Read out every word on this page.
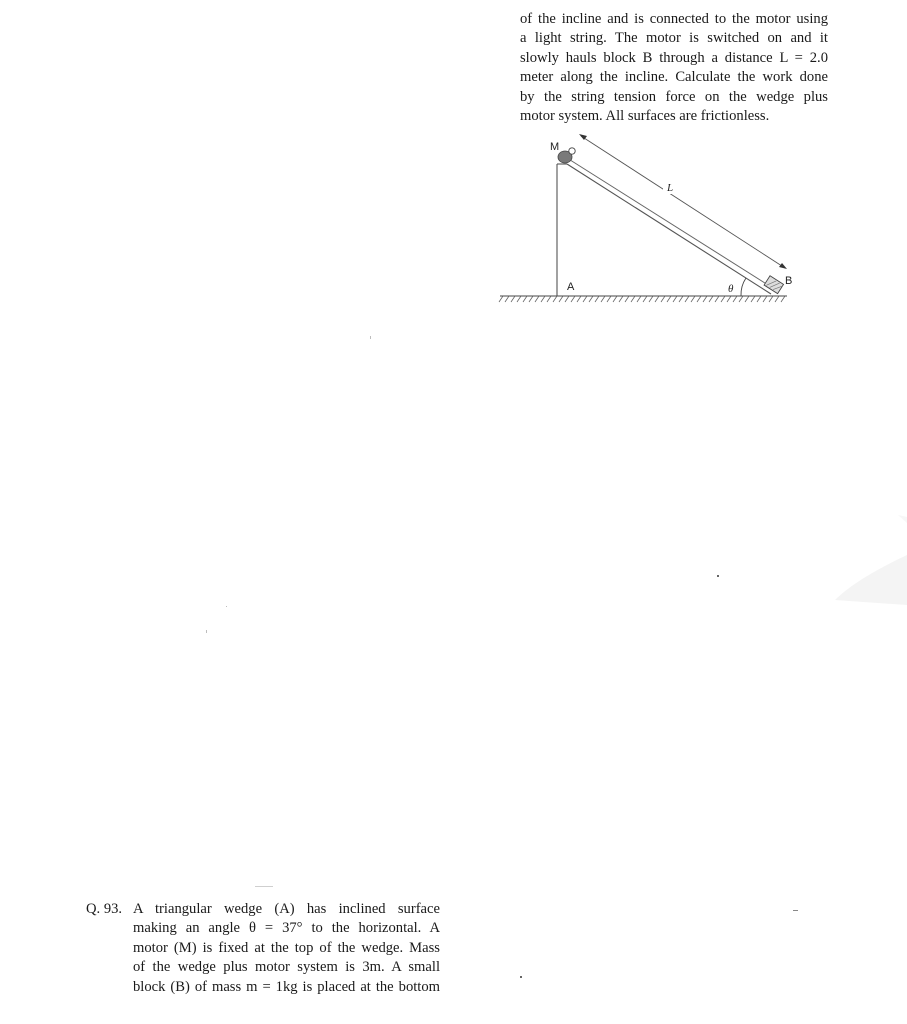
of the incline and is connected to the motor using
a light string. The motor is switched on and it
slowly hauls block B through a distance L = 2.0
meter along the incline. Calculate the work done
by the string tension force on the wedge plus
motor system. All surfaces are frictionless.
M
L
B
A	θ
Q. 93. A triangular wedge (A) has inclined surface
making an angle θ = 37° to the horizontal. A
motor (M) is fixed at the top of the wedge. Mass
of the wedge plus motor system is 3m. A small
block (B) of mass m = 1kg is placed at the bottom
